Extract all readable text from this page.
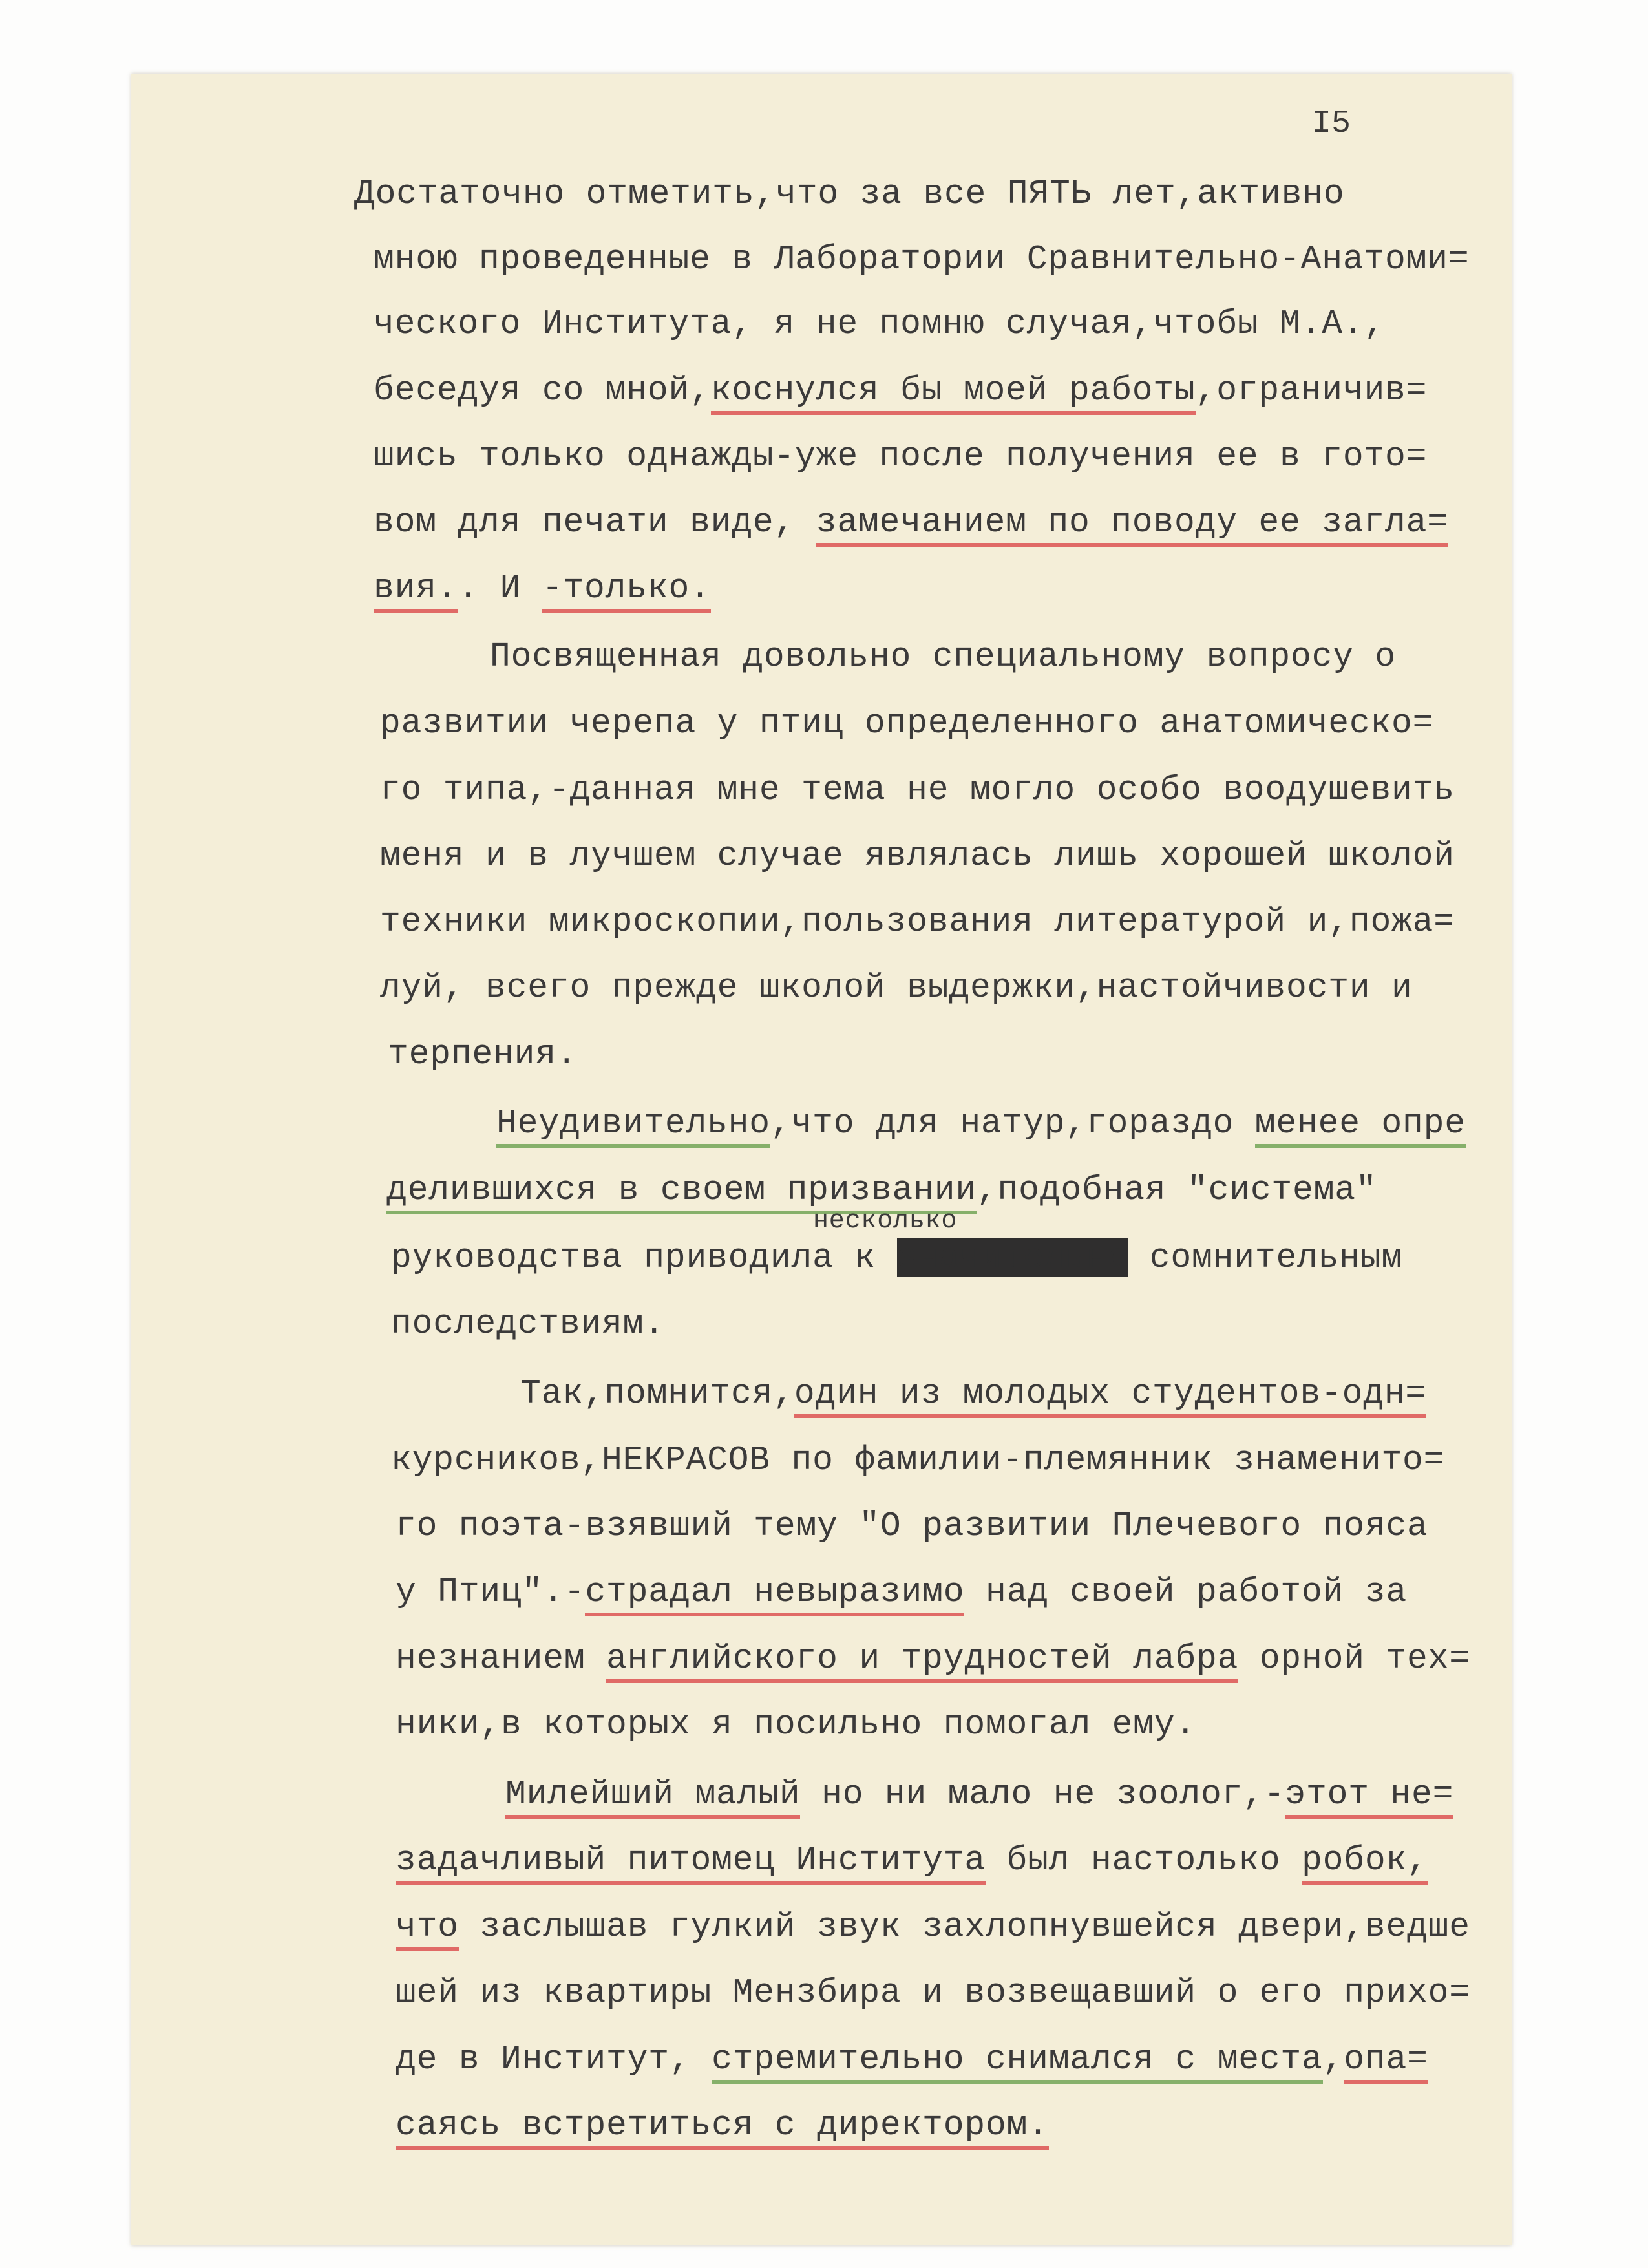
I5

Достаточно отметить,что за все ПЯТЬ лет,активно

мною проведенные в Лаборатории Сравнительно-Анатоми=

ческого Института, я не помню случая,чтобы М.А.,

беседуя со мной,коснулся бы моей работы,ограничив=

шись только однажды-уже после получения ее в гото=

вом для печати виде, замечанием по поводу ее загла=

вия.. И -только.

Посвященная довольно специальному вопросу о

развитии черепа у птиц определенного анатомическо=

го типа,-данная мне тема не могло особо воодушевить

меня и в лучшем случае являлась лишь хорошей школой

техники микроскопии,пользования литературой и,пожа=

луй, всего прежде школой выдержки,настойчивости и

терпения.

Неудивительно,что для натур,гораздо менее опре

делившихся в своем призвании,подобная "система"

несколько

руководства приводила к значительно сомнительным

последствиям.

Так,помнится,один из молодых студентов-одн=

курсников,НЕКРАСОВ по фамилии-племянник знаменито=

го поэта-взявший тему "О развитии Плечевого пояса

у Птиц".-страдал невыразимо над своей работой за

незнанием английского и трудностей лабра орной тех=

ники,в которых я посильно помогал ему.

Милейший малый но ни мало не зоолог,-этот не=

задачливый питомец Института был настолько робок,

что заслышав гулкий звук захлопнувшейся двери,ведше

шей из квартиры Мензбира и возвещавший о его прихо=

де в Институт, стремительно снимался с места,опа=

саясь встретиться с директором.
